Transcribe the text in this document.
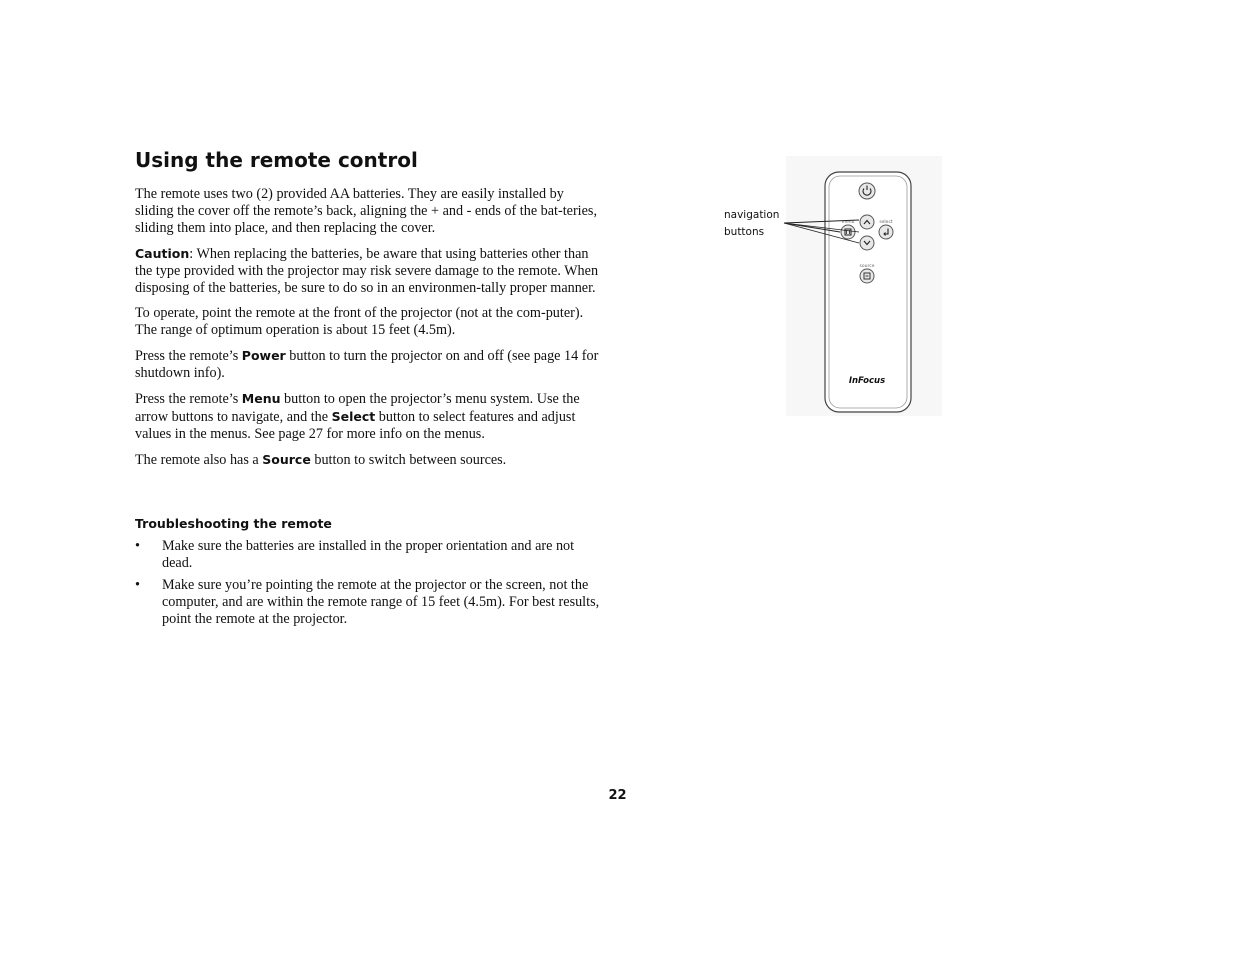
Using the remote control

The remote uses two (2) provided AA batteries. They are easily installed by sliding the cover off the remote’s back, aligning the + and - ends of the bat-teries, sliding them into place, and then replacing the cover.

Caution: When replacing the batteries, be aware that using batteries other than the type provided with the projector may risk severe damage to the remote. When disposing of the batteries, be sure to do so in an environmen-tally proper manner.

To operate, point the remote at the front of the projector (not at the com-puter). The range of optimum operation is about 15 feet (4.5m).

Press the remote’s Power button to turn the projector on and off (see page 14 for shutdown info).

Press the remote’s Menu button to open the projector’s menu system. Use the arrow buttons to navigate, and the Select button to select features and adjust values in the menus. See page 27 for more info on the menus.

The remote also has a Source button to switch between sources.

Troubleshooting the remote
• Make sure the batteries are installed in the proper orientation and are not dead.
• Make sure you’re pointing the remote at the projector or the screen, not the computer, and are within the remote range of 15 feet (4.5m). For best results, point the remote at the projector.
22
navigation
buttons
menu	select
source
InFocus
